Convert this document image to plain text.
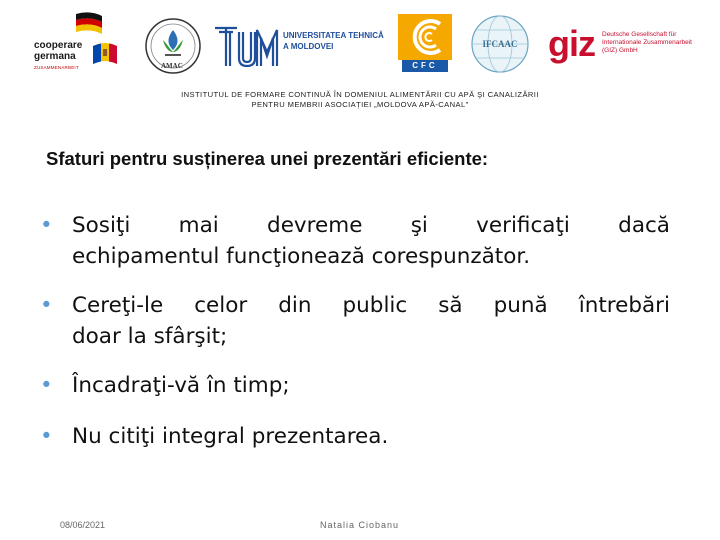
cooperare
germana
ZUSAMMENARBEIT	AMAC
UNIVERSITATEA TEHNICĂ
A MOLDOVEI
CFC
IFCAAC giz Deutsche Gesellschaft für Internationale Zusammenarbeit (GIZ) GmbH
INSTITUTUL DE FORMARE CONTINUĂ ÎN DOMENIUL ALIMENTĂRII CU APĂ ŞI CANALIZĂRII
PENTRU MEMBRII ASOCIAȚIEI „MOLDOVA APĂ-CANAL”
Sfaturi pentru susținerea unei prezentări eficiente:
• Sosiţi mai devreme şi verificaţi dacă
echipamentul funcţionează corespunzător.
• Cereţi-le celor din public să pună întrebări
doar la sfârşit;
• Încadraţi-vă în timp;
• Nu citiţi integral prezentarea.
08/06/2021	Natalia Ciobanu
